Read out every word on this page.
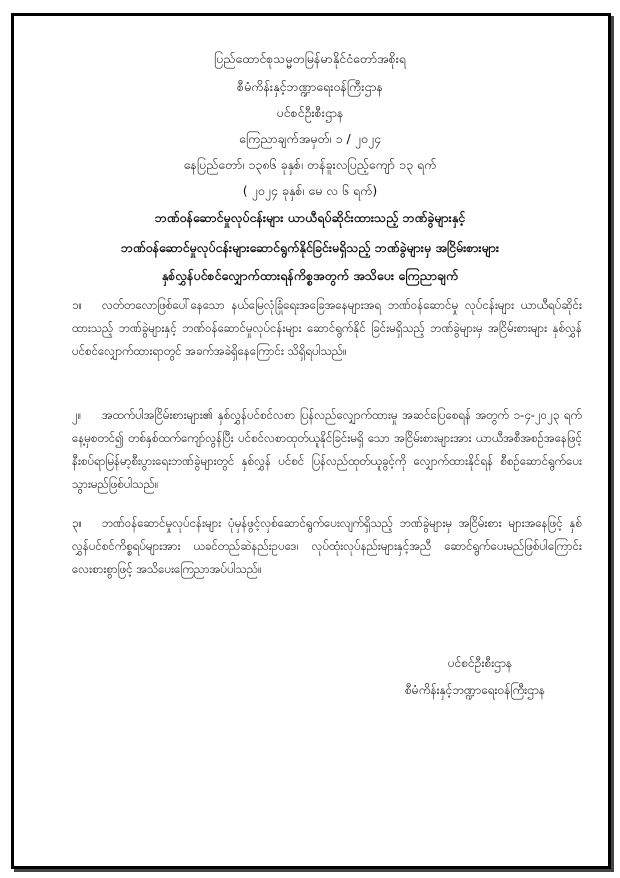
ပြည်ထောင်စုသမ္မတမြန်မာနိုင်ငံတော်အစိုးရ
စီမံကိန်းနှင့်ဘဏ္ဍာရေးဝန်ကြီးဌာန
ပင်စင်ဦးစီးဌာန
ကြေညာချက်အမှတ်၊ ၁ / ၂၀၂၄
နေပြည်တော်၊ ၁၃၈၆ ခုနှစ်၊ တန်ခူးလပြည့်ကျော် ၁၃ ရက်
( ၂၀၂၄ ခုနှစ်၊ မေ လ ၆ ရက်)
ဘဏ်ဝန်ဆောင်မှုလုပ်ငန်းများ ယာယီရပ်ဆိုင်းထားသည့် ဘဏ်ခွဲများနှင့်
ဘဏ်ဝန်ဆောင်မှုလုပ်ငန်းများဆောင်ရွက်နိုင်ခြင်းမရှိသည့် ဘဏ်ခွဲများမှ အငြိမ်းစားများ
နှစ်လွှန်ပင်စင်လျှောက်ထားရန်ကိစ္စအတွက် အသိပေး ကြေညာချက်

၁။ လတ်တလောဖြစ်ပေါ်နေသော နယ်မြေလုံခြုံရေးအခြေအနေများအရ ဘဏ်ဝန်ဆောင်မှု လုပ်ငန်းများ ယာယီရပ်ဆိုင်းထားသည့် ဘဏ်ခွဲများနှင့် ဘဏ်ဝန်ဆောင်မှုလုပ်ငန်းများ ဆောင်ရွက်နိုင် ခြင်းမရှိသည့် ဘဏ်ခွဲများမှ အငြိမ်းစားများ နှစ်လွှန်ပင်စင်လျှောက်ထားရာတွင် အခက်အခဲရှိနေကြောင်း သိရှိရပါသည်။

၂။ အထက်ပါအငြိမ်းစားများ၏ နှစ်လွှန်ပင်စင်လစာ ပြန်လည်လျှောက်ထားမှု အဆင်ပြေစေရန် အတွက် ၁-၄-၂၀၂၃ ရက်နေ့မှစတင်၍ တစ်နှစ်ထက်ကျော်လွန်ပြီး ပင်စင်လစာထုတ်ယူနိုင်ခြင်းမရှိ သော အငြိမ်းစားများအား ယာယီအစီအစဉ်အနေဖြင့် နီးစပ်ရာမြန်မာ့စီးပွားရေးဘဏ်ခွဲများတွင် နှစ်လွှန် ပင်စင် ပြန်လည်ထုတ်ယူခွင့်ကို လျှောက်ထားနိုင်ရန် စီစဉ်ဆောင်ရွက်ပေးသွားမည်ဖြစ်ပါသည်။

၃။ ဘဏ်ဝန်ဆောင်မှုလုပ်ငန်းများ ပုံမှန်ဖွင့်လှစ်ဆောင်ရွက်ပေးလျက်ရှိသည့် ဘဏ်ခွဲများမှ အငြိမ်းစား များအနေဖြင့် နှစ်လွှန်ပင်စင်ကိစ္စရပ်များအား ယခင်တည်ဆဲနည်းဥပဒေ၊ လုပ်ထုံးလုပ်နည်းများနှင့်အညီ ဆောင်ရွက်ပေးမည်ဖြစ်ပါကြောင်း လေးစားစွာဖြင့် အသိပေးကြေညာအပ်ပါသည်။

ပင်စင်ဦးစီးဌာန
စီမံကိန်းနှင့်ဘဏ္ဍာရေးဝန်ကြီးဌာန
